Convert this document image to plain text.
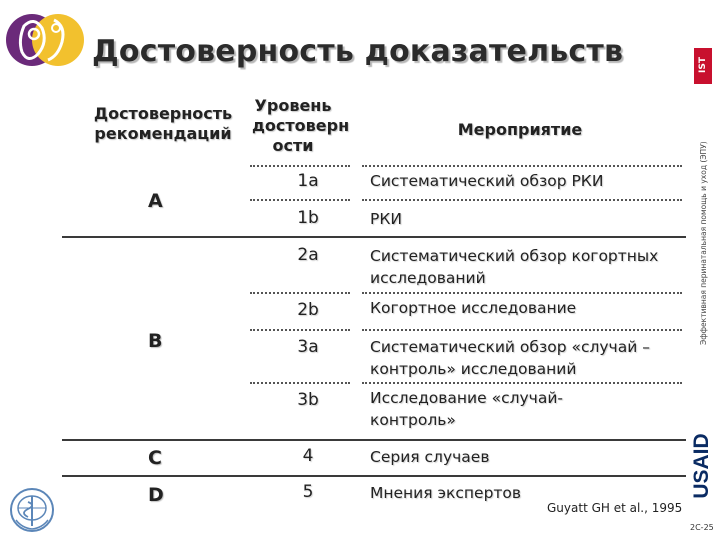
Достоверность доказательств	IST
Эффективная перинатальная помощь и уход (ЭПУ)
USAID
Достоверность рекомендаций
Уровень достоверн ости
Мероприятие
A
B
C
D
1a
1b
2a
2b
3a
3b
4
5
Систематический обзор РКИ
РКИ
Систематический обзор когортных исследований
Когортное исследование
Систематический обзор «случай – контроль» исследований
Исследование «случай- контроль»
Серия случаев
Мнения экспертов
Guyatt GH et al., 1995
2C-25
